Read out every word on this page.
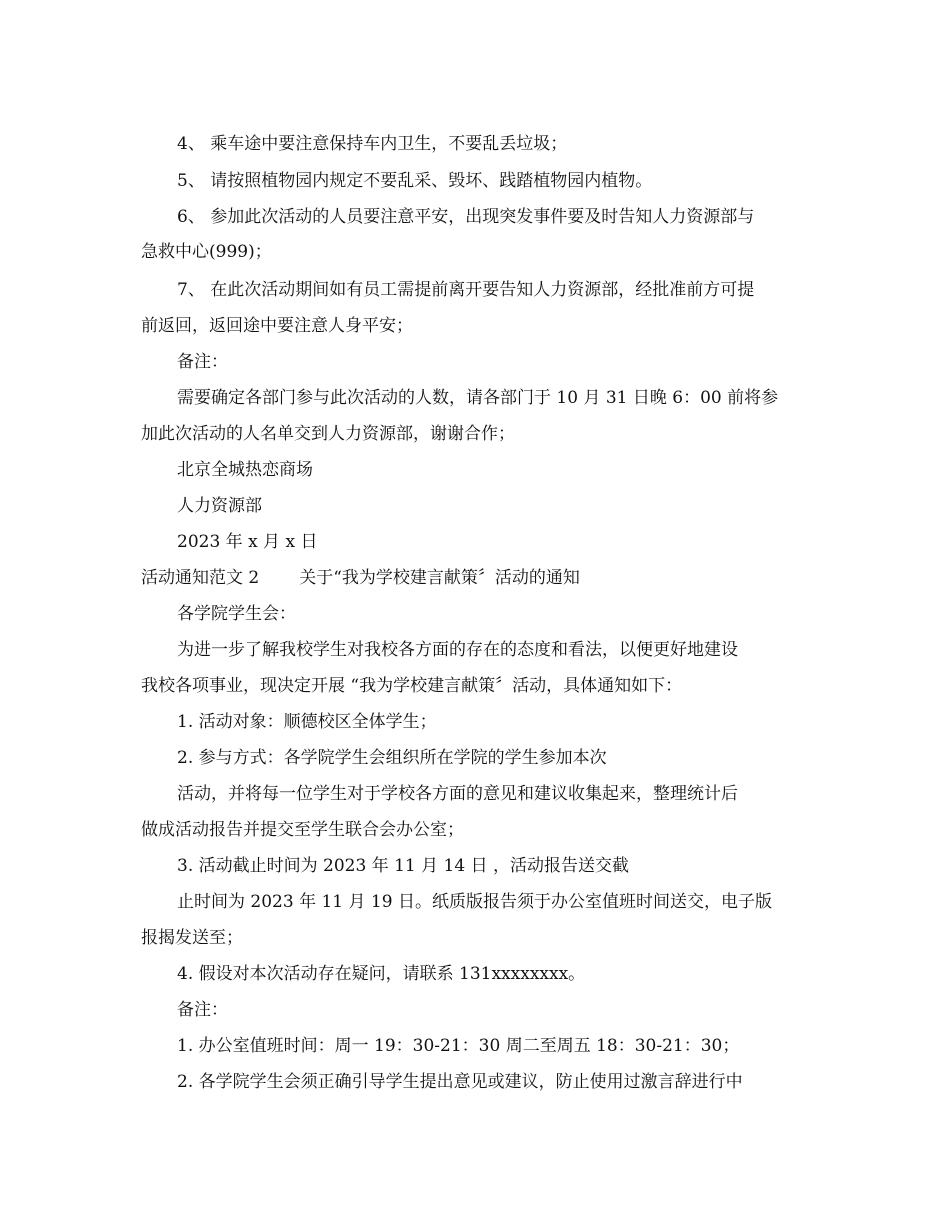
4、 乘车途中要注意保持车内卫生，不要乱丢垃圾；
5、 请按照植物园内规定不要乱采、毁坏、践踏植物园内植物。
6、 参加此次活动的人员要注意平安，出现突发事件要及时告知人力资源部与
急救中心(999)；
7、 在此次活动期间如有员工需提前离开要告知人力资源部，经批准前方可提
前返回，返回途中要注意人身平安；
备注：
需要确定各部门参与此次活动的人数，请各部门于 10 月 31 日晚 6：00 前将参
加此次活动的人名单交到人力资源部，谢谢合作；
北京全城热恋商场
人力资源部
2023 年 x 月 x 日
活动通知范文 2 关于“我为学校建言献策〞活动的通知
各学院学生会：
为进一步了解我校学生对我校各方面的存在的态度和看法，以便更好地建设
我校各项事业，现决定开展 “我为学校建言献策〞活动，具体通知如下：
1. 活动对象：顺德校区全体学生；
2. 参与方式：各学院学生会组织所在学院的学生参加本次
活动，并将每一位学生对于学校各方面的意见和建议收集起来，整理统计后
做成活动报告并提交至学生联合会办公室；
3. 活动截止时间为 2023 年 11 月 14 日 ，活动报告送交截
止时间为 2023 年 11 月 19 日。纸质版报告须于办公室值班时间送交，电子版
报揭发送至；
4. 假设对本次活动存在疑问，请联系 131xxxxxxxx。
备注：
1. 办公室值班时间：周一 19：30-21：30 周二至周五 18：30-21：30；
2. 各学院学生会须正确引导学生提出意见或建议，防止使用过激言辞进行中
